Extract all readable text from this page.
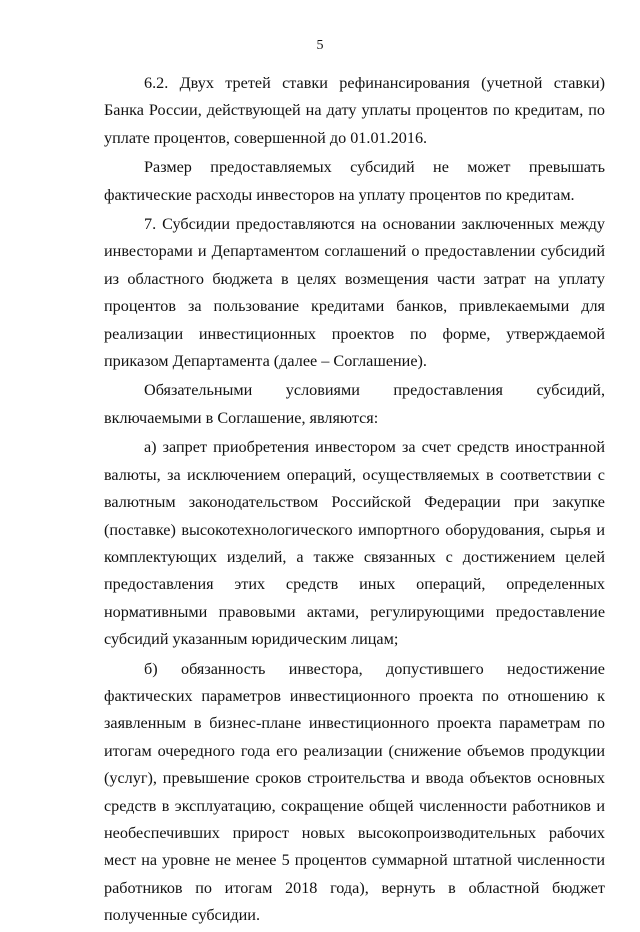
5

6.2. Двух третей ставки рефинансирования (учетной ставки) Банка России, действующей на дату уплаты процентов по кредитам, по уплате процентов, совершенной до 01.01.2016.

Размер предоставляемых субсидий не может превышать фактические расходы инвесторов на уплату процентов по кредитам.

7. Субсидии предоставляются на основании заключенных между инвесторами и Департаментом соглашений о предоставлении субсидий из областного бюджета в целях возмещения части затрат на уплату процентов за пользование кредитами банков, привлекаемыми для реализации инвестиционных проектов по форме, утверждаемой приказом Департамента (далее – Соглашение).

Обязательными условиями предоставления субсидий, включаемыми в Соглашение, являются:

а) запрет приобретения инвестором за счет средств иностранной валюты, за исключением операций, осуществляемых в соответствии с валютным законодательством Российской Федерации при закупке (поставке) высокотехнологического импортного оборудования, сырья и комплектующих изделий, а также связанных с достижением целей предоставления этих средств иных операций, определенных нормативными правовыми актами, регулирующими предоставление субсидий указанным юридическим лицам;

б) обязанность инвестора, допустившего недостижение фактических параметров инвестиционного проекта по отношению к заявленным в бизнес-плане инвестиционного проекта параметрам по итогам очередного года его реализации (снижение объемов продукции (услуг), превышение сроков строительства и ввода объектов основных средств в эксплуатацию, сокращение общей численности работников и необеспечивших прирост новых высокопроизводительных рабочих мест на уровне не менее 5 процентов суммарной штатной численности работников по итогам 2018 года), вернуть в областной бюджет полученные субсидии.
